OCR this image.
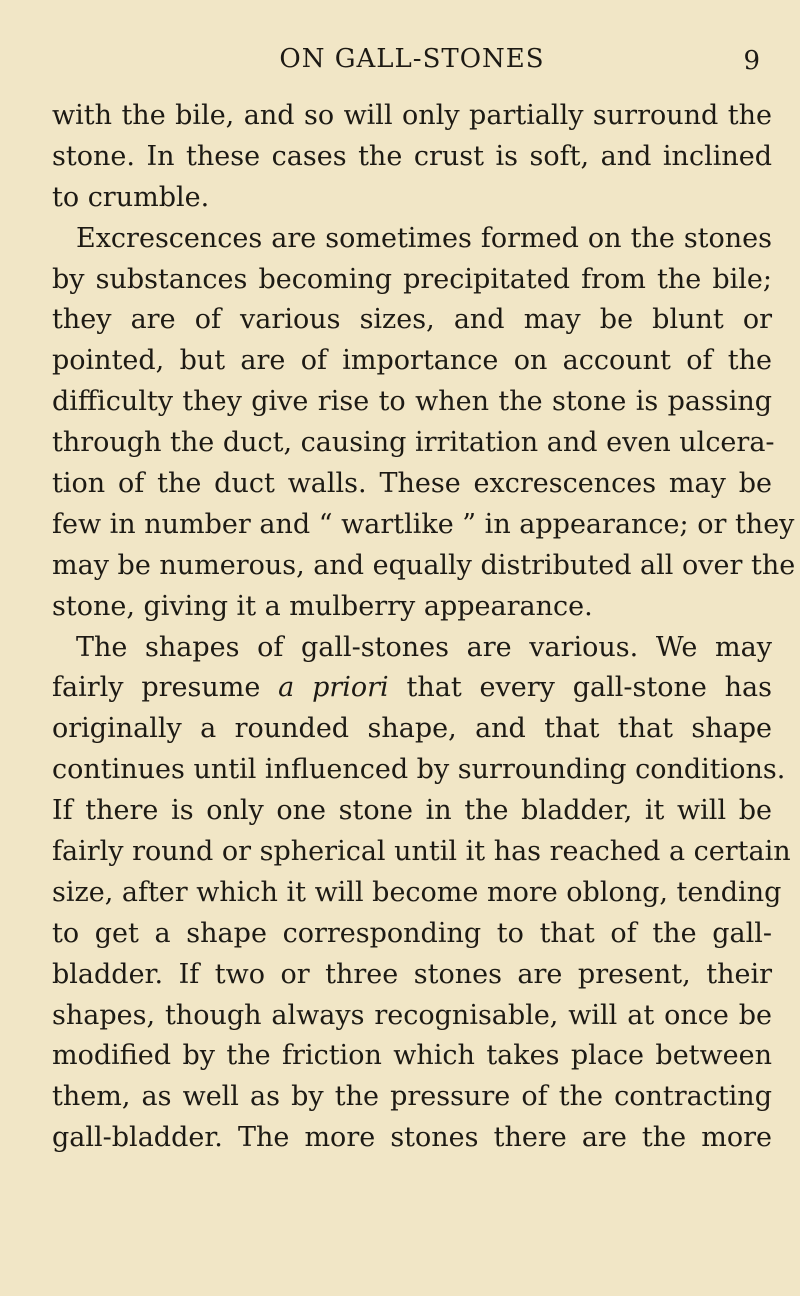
ON GALL-STONES	9
with the bile, and so will only partially surround the
stone. In these cases the crust is soft, and inclined
to crumble.
Excrescences are sometimes formed on the stones
by substances becoming precipitated from the bile;
they are of various sizes, and may be blunt or
pointed, but are of importance on account of the
difficulty they give rise to when the stone is passing
through the duct, causing irritation and even ulcera-
tion of the duct walls. These excrescences may be
few in number and “ wartlike ” in appearance; or they
may be numerous, and equally distributed all over the
stone, giving it a mulberry appearance.
The shapes of gall-stones are various. We may
fairly presume a priori that every gall-stone has
originally a rounded shape, and that that shape
continues until influenced by surrounding conditions.
If there is only one stone in the bladder, it will be
fairly round or spherical until it has reached a certain
size, after which it will become more oblong, tending
to get a shape corresponding to that of the gall-
bladder. If two or three stones are present, their
shapes, though always recognisable, will at once be
modified by the friction which takes place between
them, as well as by the pressure of the contracting
gall-bladder. The more stones there are the more
